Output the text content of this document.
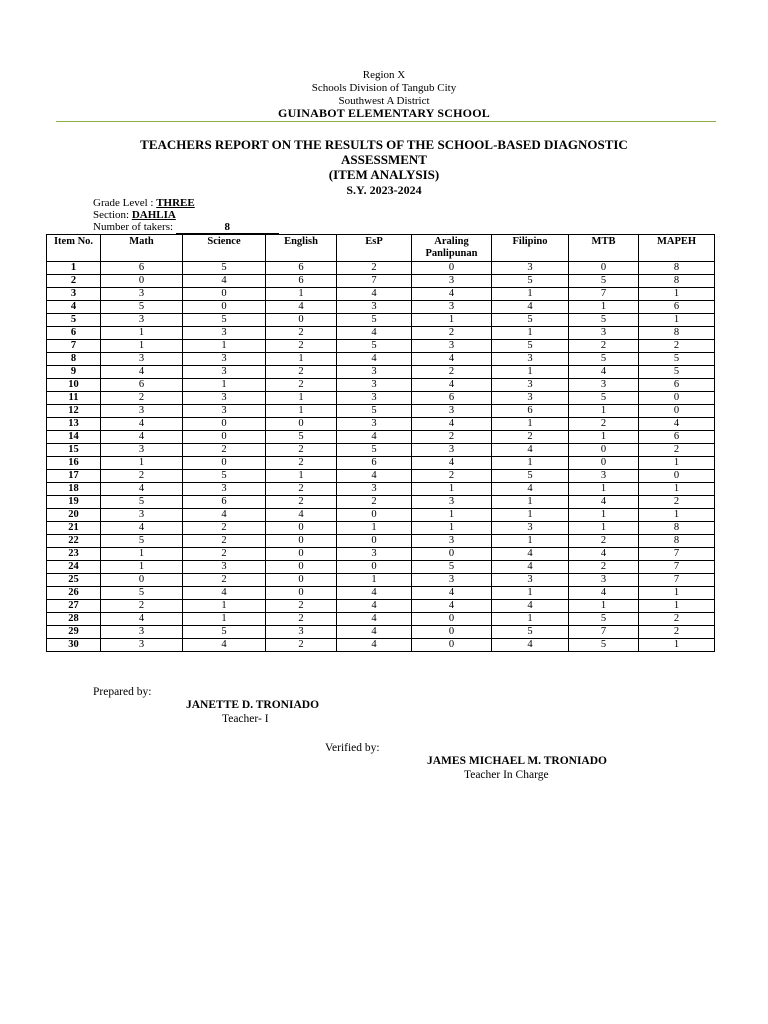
Region X
Schools Division of Tangub City
Southwest A District
GUINABOT ELEMENTARY SCHOOL
TEACHERS REPORT ON THE RESULTS OF THE SCHOOL-BASED DIAGNOSTIC
ASSESSMENT
(ITEM ANALYSIS)
S.Y. 2023-2024
Grade Level : THREE
Section: DAHLIA
Number of takers:	8
Item No.	Math	Science	English	EsP	Araling Panlipunan	Filipino	MTB	MAPEH
1	6	5	6	2	0	3	0	8
2	0	4	6	7	3	5	5	8
3	3	0	1	4	4	1	7	1
4	5	0	4	3	3	4	1	6
5	3	5	0	5	1	5	5	1
6	1	3	2	4	2	1	3	8
7	1	1	2	5	3	5	2	2
8	3	3	1	4	4	3	5	5
9	4	3	2	3	2	1	4	5
10	6	1	2	3	4	3	3	6
11	2	3	1	3	6	3	5	0
12	3	3	1	5	3	6	1	0
13	4	0	0	3	4	1	2	4
14	4	0	5	4	2	2	1	6
15	3	2	2	5	3	4	0	2
16	1	0	2	6	4	1	0	1
17	2	5	1	4	2	5	3	0
18	4	3	2	3	1	4	1	1
19	5	6	2	2	3	1	4	2
20	3	4	4	0	1	1	1	1
21	4	2	0	1	1	3	1	8
22	5	2	0	0	3	1	2	8
23	1	2	0	3	0	4	4	7
24	1	3	0	0	5	4	2	7
25	0	2	0	1	3	3	3	7
26	5	4	0	4	4	1	4	1
27	2	1	2	4	4	4	1	1
28	4	1	2	4	0	1	5	2
29	3	5	3	4	0	5	7	2
30	3	4	2	4	0	4	5	1
Prepared by:
JANETTE D. TRONIADO
Teacher- I
Verified by:
JAMES MICHAEL M. TRONIADO
Teacher In Charge
